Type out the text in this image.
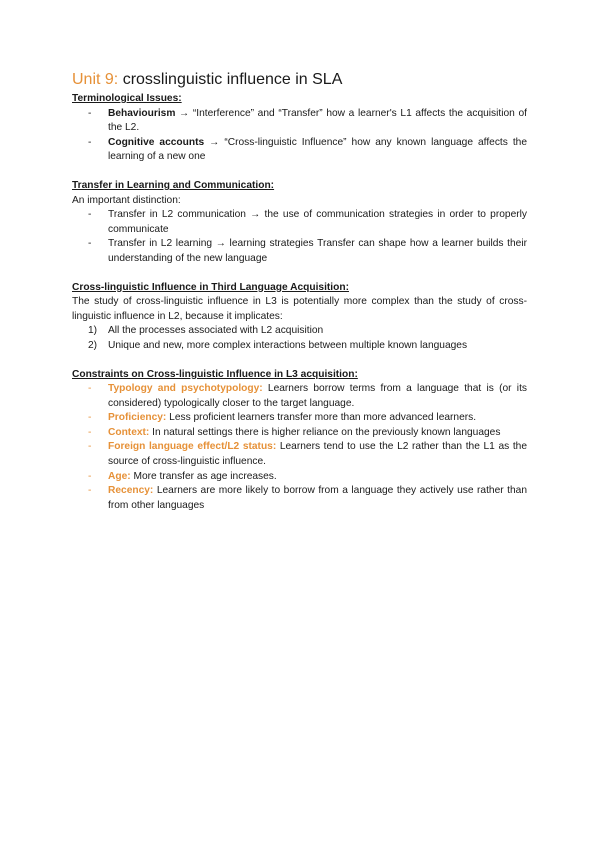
Unit 9: crosslinguistic influence in SLA

Terminological Issues:

- Behaviourism → “Interference” and “Transfer” how a learner's L1 affects the acquisition of the L2.
- Cognitive accounts → “Cross-linguistic Influence” how any known language affects the learning of a new one

Transfer in Learning and Communication:

An important distinction:

- Transfer in L2 communication → the use of communication strategies in order to properly communicate
- Transfer in L2 learning → learning strategies Transfer can shape how a learner builds their understanding of the new language

Cross-linguistic Influence in Third Language Acquisition:

The study of cross-linguistic influence in L3 is potentially more complex than the study of cross-linguistic influence in L2, because it implicates:

1) All the processes associated with L2 acquisition
2) Unique and new, more complex interactions between multiple known languages

Constraints on Cross-linguistic Influence in L3 acquisition:

- Typology and psychotypology: Learners borrow terms from a language that is (or its considered) typologically closer to the target language.
- Proficiency: Less proficient learners transfer more than more advanced learners.
- Context: In natural settings there is higher reliance on the previously known languages
- Foreign language effect/L2 status: Learners tend to use the L2 rather than the L1 as the source of cross-linguistic influence.
- Age: More transfer as age increases.
- Recency: Learners are more likely to borrow from a language they actively use rather than from other languages
